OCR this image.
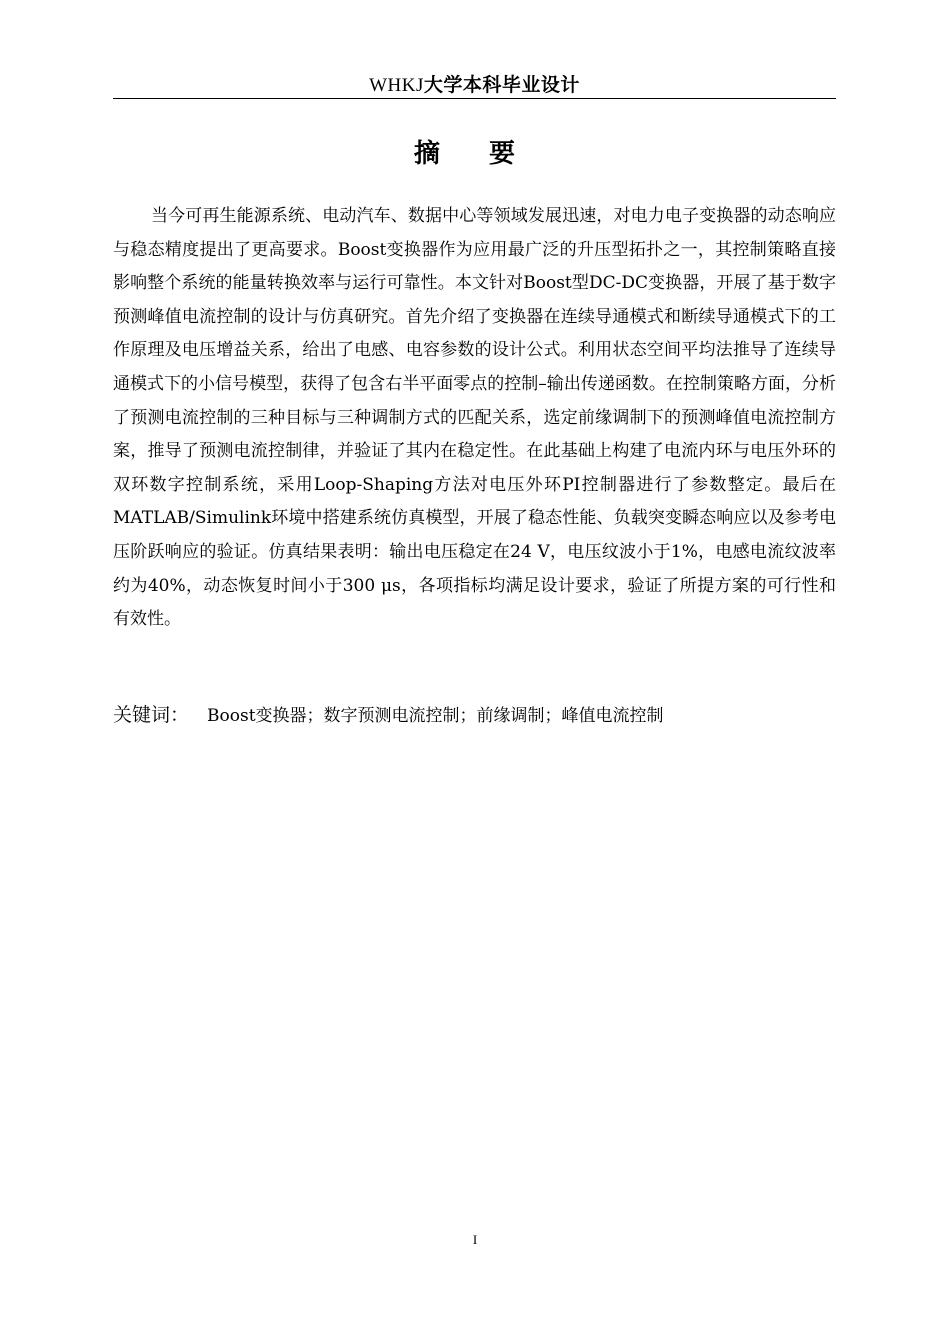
WHKJ大学本科毕业设计
摘 要

当今可再生能源系统、电动汽车、数据中心等领域发展迅速，对电力电子变换器的动态响应与稳态精度提出了更高要求。Boost变换器作为应用最广泛的升压型拓扑之一，其控制策略直接影响整个系统的能量转换效率与运行可靠性。本文针对Boost型DC-DC变换器，开展了基于数字预测峰值电流控制的设计与仿真研究。首先介绍了变换器在连续导通模式和断续导通模式下的工作原理及电压增益关系，给出了电感、电容参数的设计公式。利用状态空间平均法推导了连续导通模式下的小信号模型，获得了包含右半平面零点的控制–输出传递函数。在控制策略方面，分析了预测电流控制的三种目标与三种调制方式的匹配关系，选定前缘调制下的预测峰值电流控制方案，推导了预测电流控制律，并验证了其内在稳定性。在此基础上构建了电流内环与电压外环的双环数字控制系统，采用Loop-Shaping方法对电压外环PI控制器进行了参数整定。最后在MATLAB/Simulink环境中搭建系统仿真模型，开展了稳态性能、负载突变瞬态响应以及参考电压阶跃响应的验证。仿真结果表明：输出电压稳定在24 V，电压纹波小于1%，电感电流纹波率约为40%，动态恢复时间小于300 μs，各项指标均满足设计要求，验证了所提方案的可行性和有效性。

关键词： Boost变换器；数字预测电流控制；前缘调制；峰值电流控制

I
